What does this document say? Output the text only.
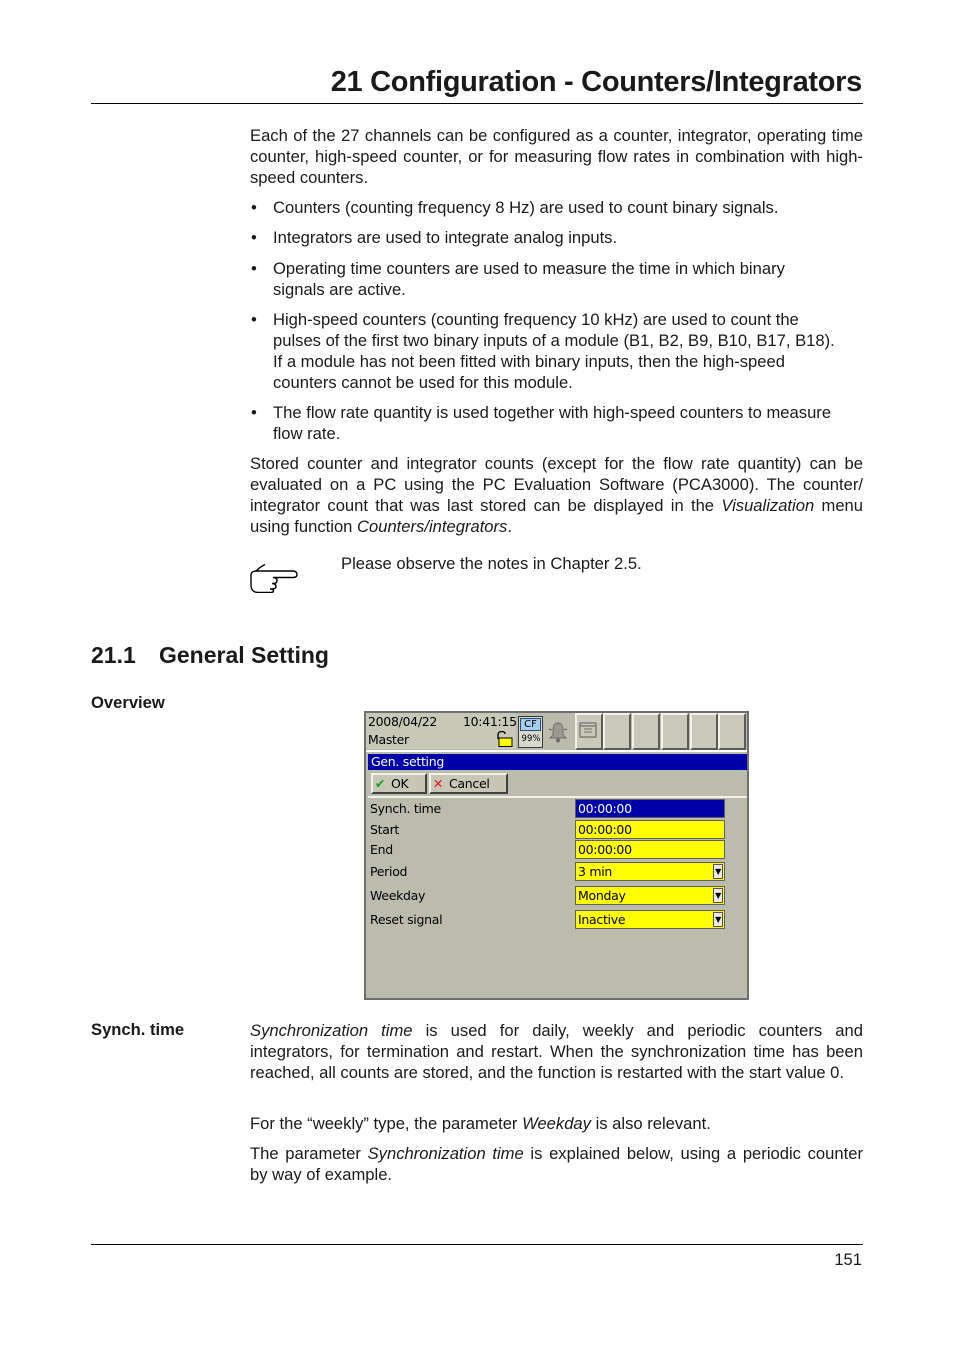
21 Configuration - Counters/Integrators

Each of the 27 channels can be configured as a counter, integrator, operating time counter, high-speed counter, or for measuring flow rates in combination with high-speed counters.

• Counters (counting frequency 8 Hz) are used to count binary signals.
• Integrators are used to integrate analog inputs.
• Operating time counters are used to measure the time in which binary signals are active.
• High-speed counters (counting frequency 10 kHz) are used to count the pulses of the first two binary inputs of a module (B1, B2, B9, B10, B17, B18). If a module has not been fitted with binary inputs, then the high-speed counters cannot be used for this module.
• The flow rate quantity is used together with high-speed counters to measure flow rate.

Stored counter and integrator counts (except for the flow rate quantity) can be evaluated on a PC using the PC Evaluation Software (PCA3000). The counter/ integrator count that was last stored can be displayed in the Visualization menu using function Counters/integrators.

Please observe the notes in Chapter 2.5.
21.1 General Setting
Overview
2008/04/22 10:41:15
Master
CF
99%
Gen. setting
✔ OK ✕ Cancel
Synch. time	00:00:00
Start	00:00:00
End	00:00:00
Period	3 min	▼
Weekday	Monday	▼
Reset signal	Inactive	▼
Synch. time	Synchronization time is used for daily, weekly and periodic counters and integrators, for termination and restart. When the synchronization time has been reached, all counts are stored, and the function is restarted with the start value 0.

For the “weekly” type, the parameter Weekday is also relevant.

The parameter Synchronization time is explained below, using a periodic counter by way of example.

151
